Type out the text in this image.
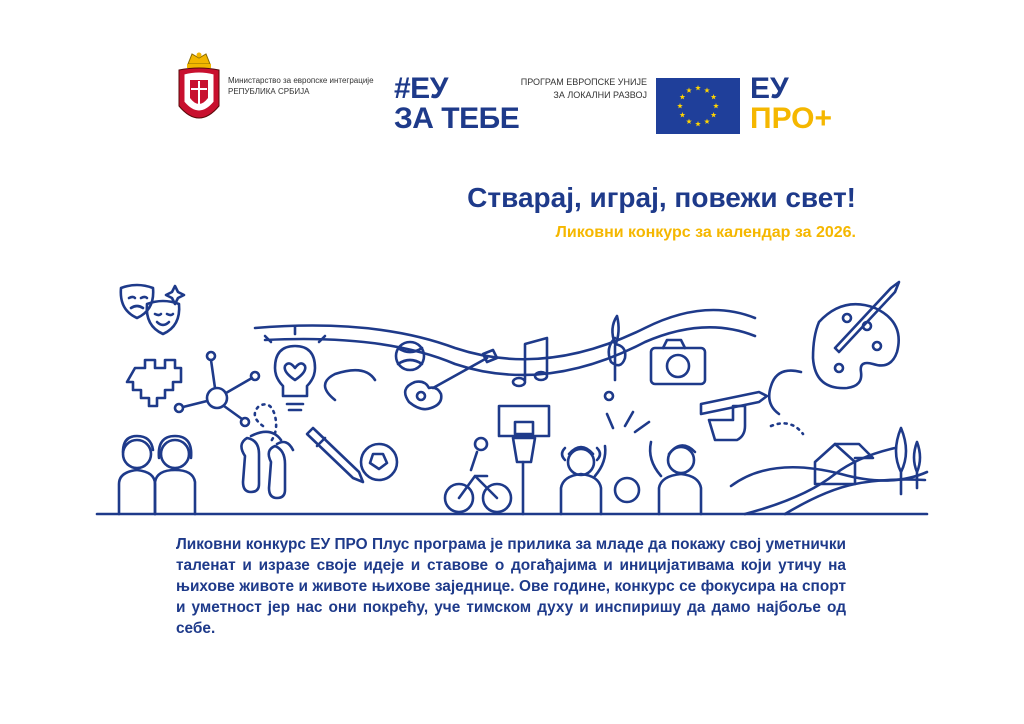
Министарство за европске интеграције
РЕПУБЛИКА СРБИЈА	#ЕУ
ЗА ТЕБЕ
ПРОГРАМ ЕВРОПСКЕ УНИЈЕ
ЗА ЛОКАЛНИ РАЗВОЈ	ЕУ
ПРО+
Стварај, играј, повежи свет!
Ликовни конкурс за календар за 2026.
Ликовни конкурс ЕУ ПРО Плус програма је прилика за младе да покажу свој уметнички таленат и изразе своје идеје и ставове о догађајима и иницијативама који утичу на њихове животе и животе њихове заједнице. Ове године, конкурс се фокусира на спорт и уметност јер нас они покрећу, уче тимском духу и инспиришу да дамо најбоље од себе.
